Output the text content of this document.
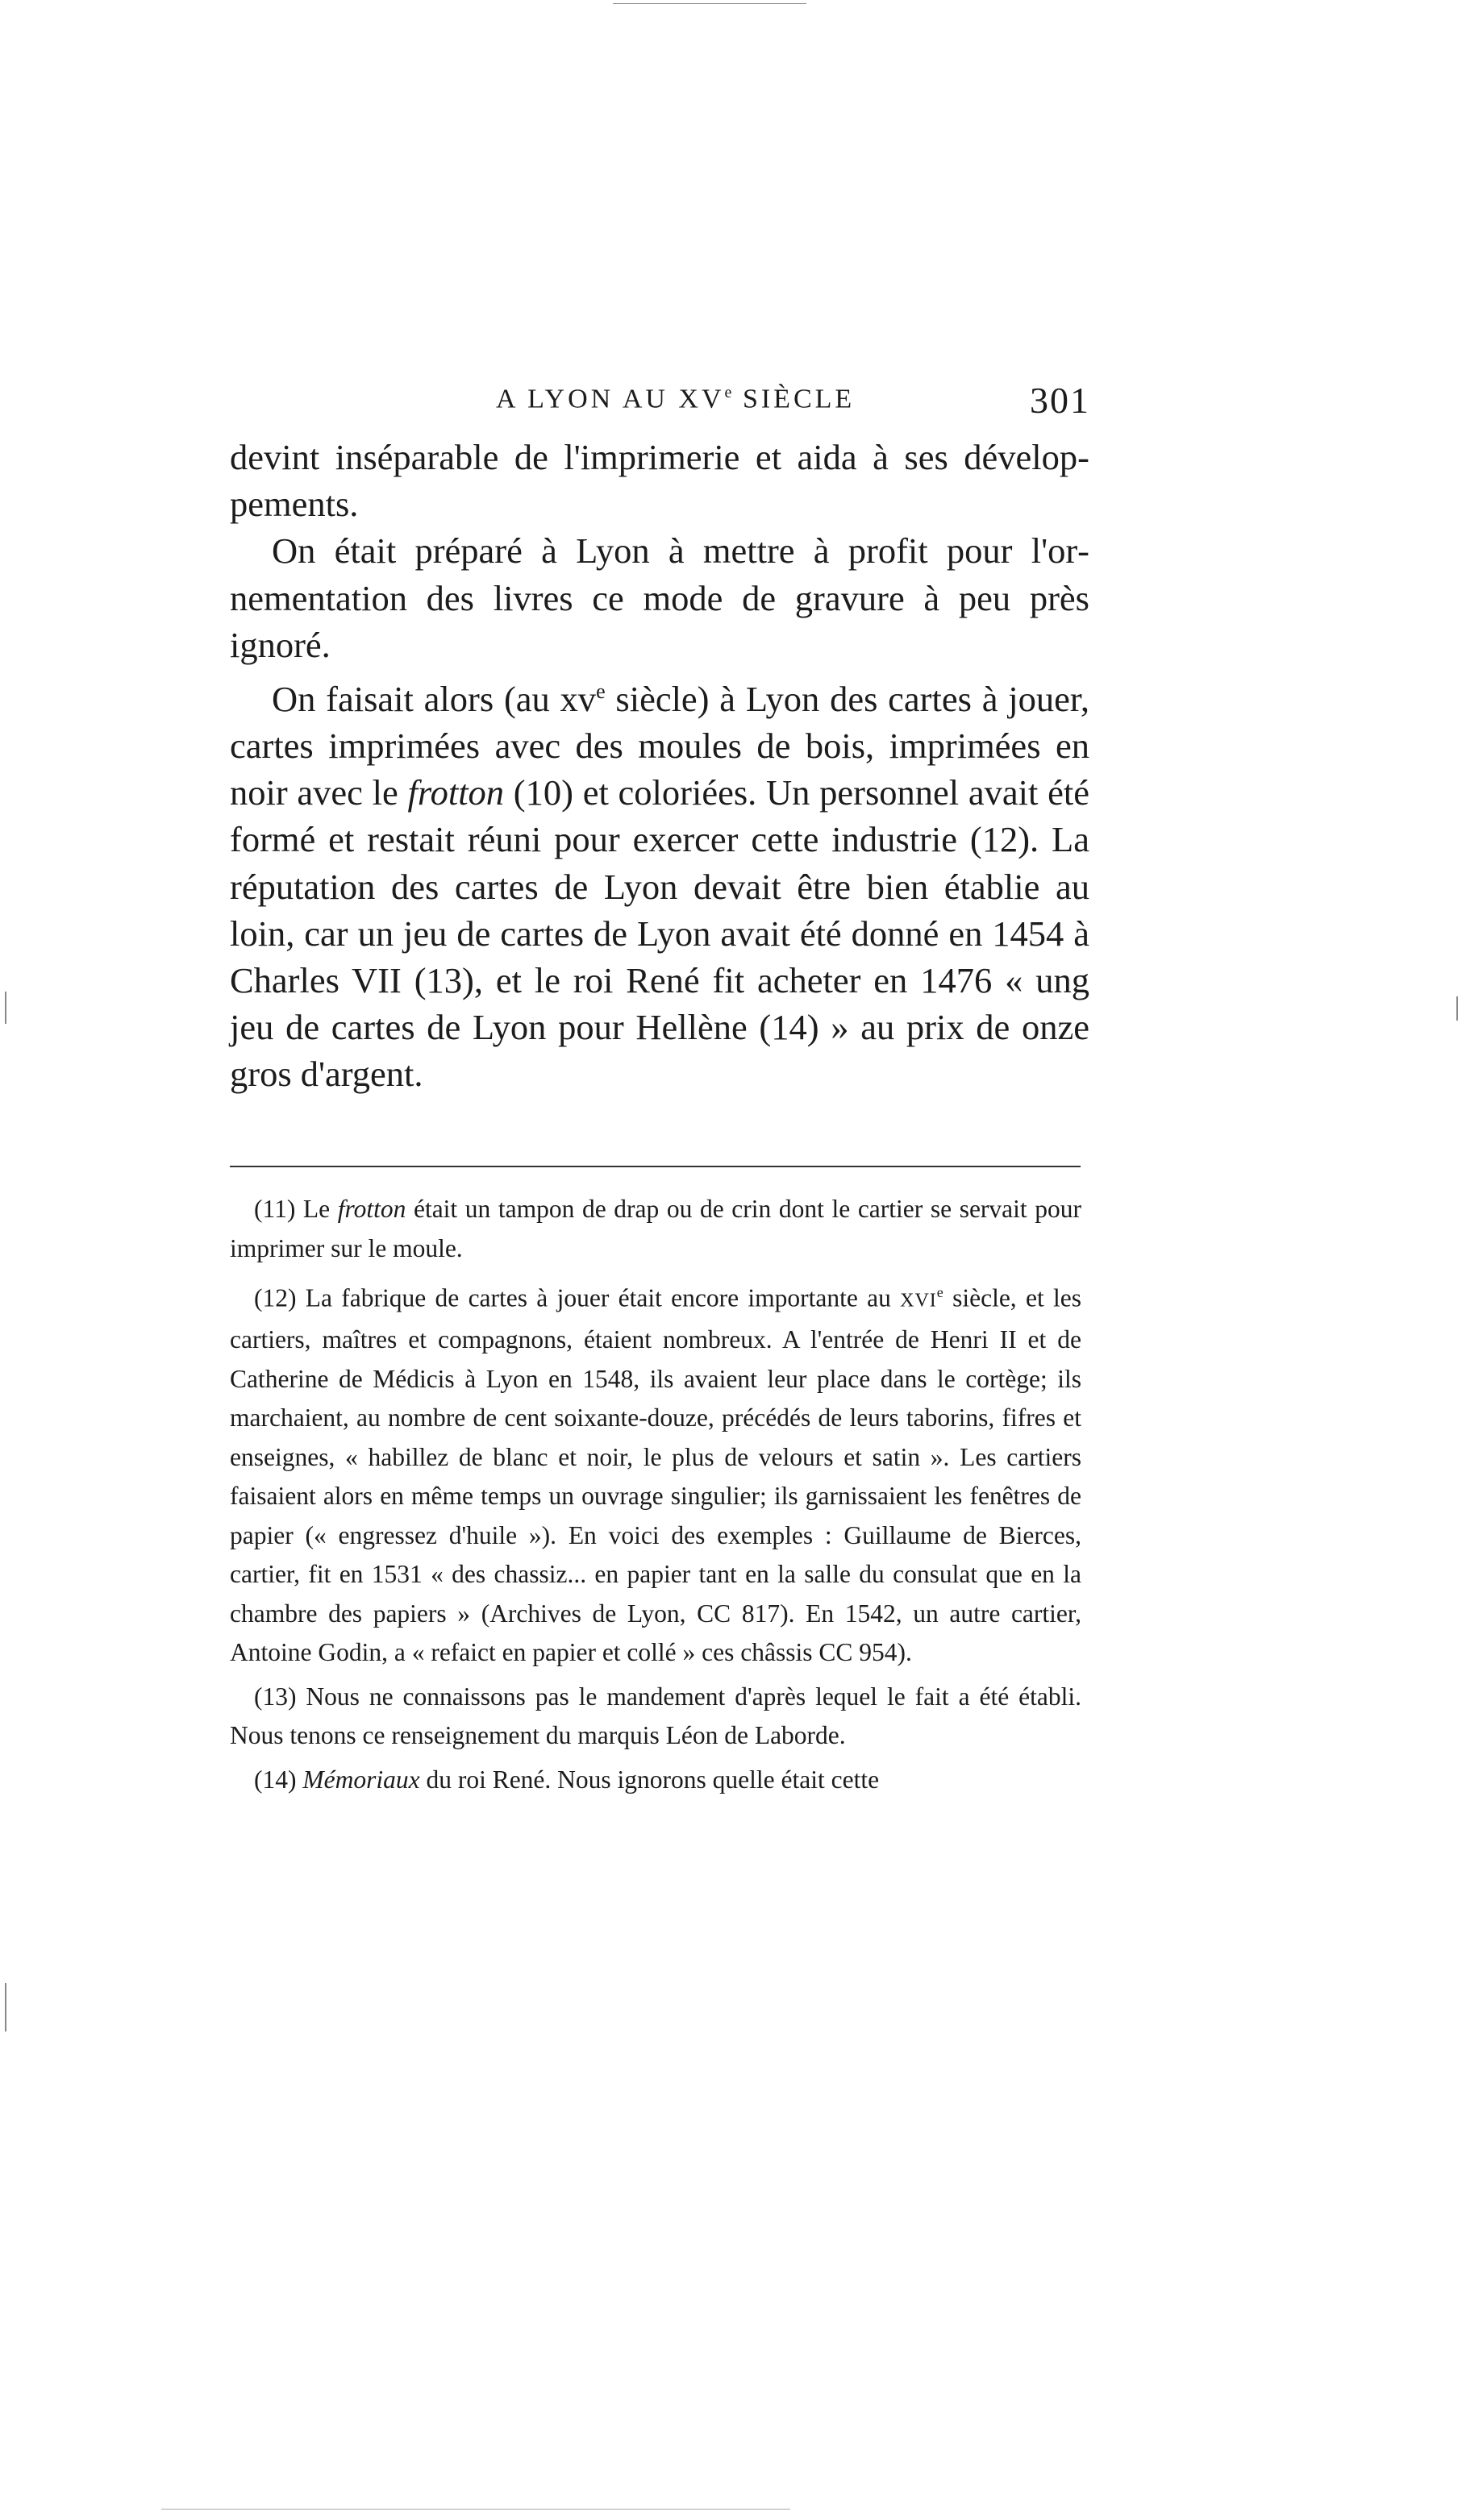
A LYON AU XVe SIÈCLE	301

devint inséparable de l'imprimerie et aida à ses développements.

On était préparé à Lyon à mettre à profit pour l'ornementation des livres ce mode de gravure à peu près ignoré.

On faisait alors (au $xv^e$ siècle) à Lyon des cartes à jouer, cartes imprimées avec des moules de bois, imprimées en noir avec le frotton (10) et coloriées. Un personnel avait été formé et restait réuni pour exercer cette industrie (12). La réputation des cartes de Lyon devait être bien établie au loin, car un jeu de cartes de Lyon avait été donné en 1454 à Charles VII (13), et le roi René fit acheter en 1476 « ung jeu de cartes de Lyon pour Hellène (14) » au prix de onze gros d'argent.

(11) Le frotton était un tampon de drap ou de crin dont le cartier se servait pour imprimer sur le moule.

(12) La fabrique de cartes à jouer était encore importante au XVIe siècle, et les cartiers, maîtres et compagnons, étaient nombreux. A l'entrée de Henri II et de Catherine de Médicis à Lyon en 1548, ils avaient leur place dans le cortège; ils marchaient, au nombre de cent soixante-douze, précédés de leurs taborins, fifres et enseignes, « habillez de blanc et noir, le plus de velours et satin ». Les cartiers faisaient alors en même temps un ouvrage singulier; ils garnissaient les fenêtres de papier (« engressez d'huile »). En voici des exemples : Guillaume de Bierces, cartier, fit en 1531 « des chassiz... en papier tant en la salle du consulat que en la chambre des papiers » (Archives de Lyon, CC 817). En 1542, un autre cartier, Antoine Godin, a « refaict en papier et collé » ces châssis CC 954).

(13) Nous ne connaissons pas le mandement d'après lequel le fait a été établi. Nous tenons ce renseignement du marquis Léon de Laborde.

(14) Mémoriaux du roi René. Nous ignorons quelle était cette
